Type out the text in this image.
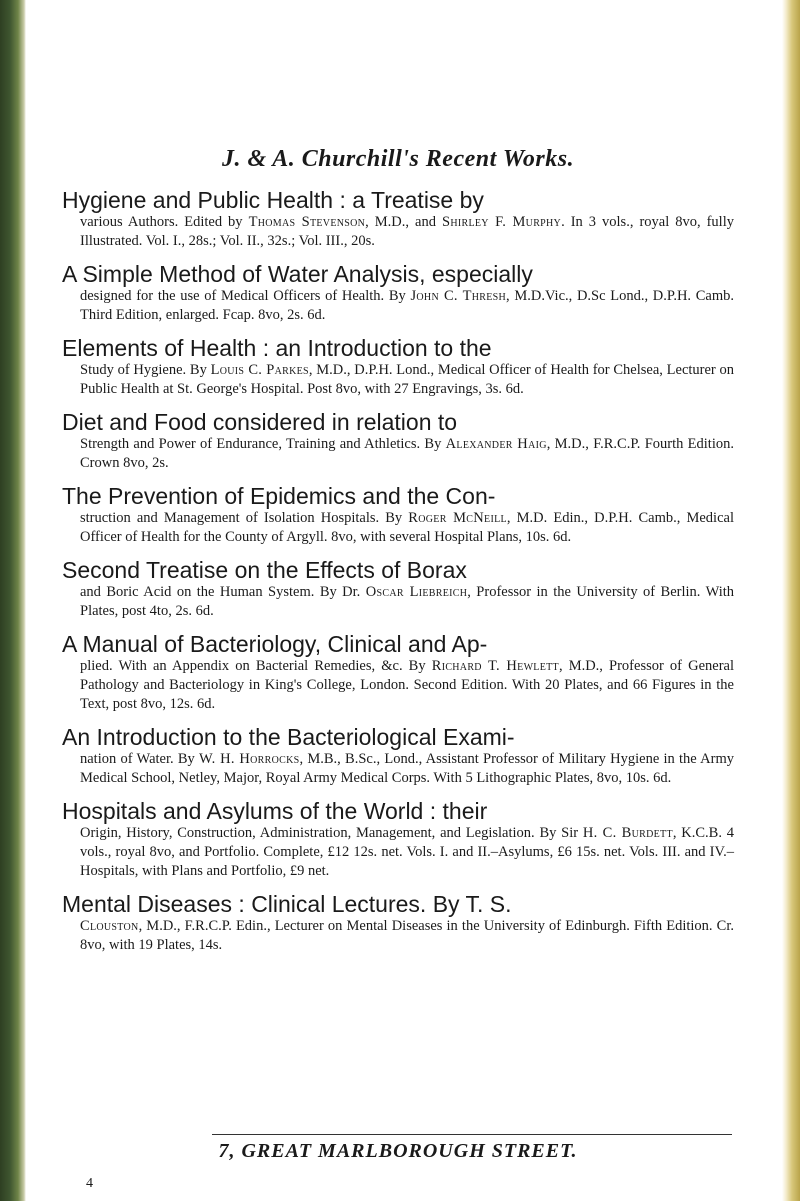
J. & A. Churchill's Recent Works.
Hygiene and Public Health : a Treatise by
various Authors. Edited by Thomas Stevenson, M.D., and Shirley F. Murphy. In 3 vols., royal 8vo, fully Illustrated. Vol. I., 28s.; Vol. II., 32s.; Vol. III., 20s.
A Simple Method of Water Analysis, especially
designed for the use of Medical Officers of Health. By John C. Thresh, M.D.Vic., D.Sc Lond., D.P.H. Camb. Third Edition, enlarged. Fcap. 8vo, 2s. 6d.
Elements of Health : an Introduction to the
Study of Hygiene. By Louis C. Parkes, M.D., D.P.H. Lond., Medical Officer of Health for Chelsea, Lecturer on Public Health at St. George's Hospital. Post 8vo, with 27 Engravings, 3s. 6d.
Diet and Food considered in relation to
Strength and Power of Endurance, Training and Athletics. By Alexander Haig, M.D., F.R.C.P. Fourth Edition. Crown 8vo, 2s.
The Prevention of Epidemics and the Con-
struction and Management of Isolation Hospitals. By Roger McNeill, M.D. Edin., D.P.H. Camb., Medical Officer of Health for the County of Argyll. 8vo, with several Hospital Plans, 10s. 6d.
Second Treatise on the Effects of Borax
and Boric Acid on the Human System. By Dr. Oscar Liebreich, Professor in the University of Berlin. With Plates, post 4to, 2s. 6d.
A Manual of Bacteriology, Clinical and Ap-
plied. With an Appendix on Bacterial Remedies, &c. By Richard T. Hewlett, M.D., Professor of General Pathology and Bacteriology in King's College, London. Second Edition. With 20 Plates, and 66 Figures in the Text, post 8vo, 12s. 6d.
An Introduction to the Bacteriological Exami-
nation of Water. By W. H. Horrocks, M.B., B.Sc., Lond., Assistant Professor of Military Hygiene in the Army Medical School, Netley, Major, Royal Army Medical Corps. With 5 Lithographic Plates, 8vo, 10s. 6d.
Hospitals and Asylums of the World : their
Origin, History, Construction, Administration, Management, and Legislation. By Sir H. C. Burdett, K.C.B. 4 vols., royal 8vo, and Portfolio. Complete, £12 12s. net. Vols. I. and II.–Asylums, £6 15s. net. Vols. III. and IV.–Hospitals, with Plans and Portfolio, £9 net.
Mental Diseases : Clinical Lectures. By T. S.
Clouston, M.D., F.R.C.P. Edin., Lecturer on Mental Diseases in the University of Edinburgh. Fifth Edition. Cr. 8vo, with 19 Plates, 14s.
7, GREAT MARLBOROUGH STREET.
4
